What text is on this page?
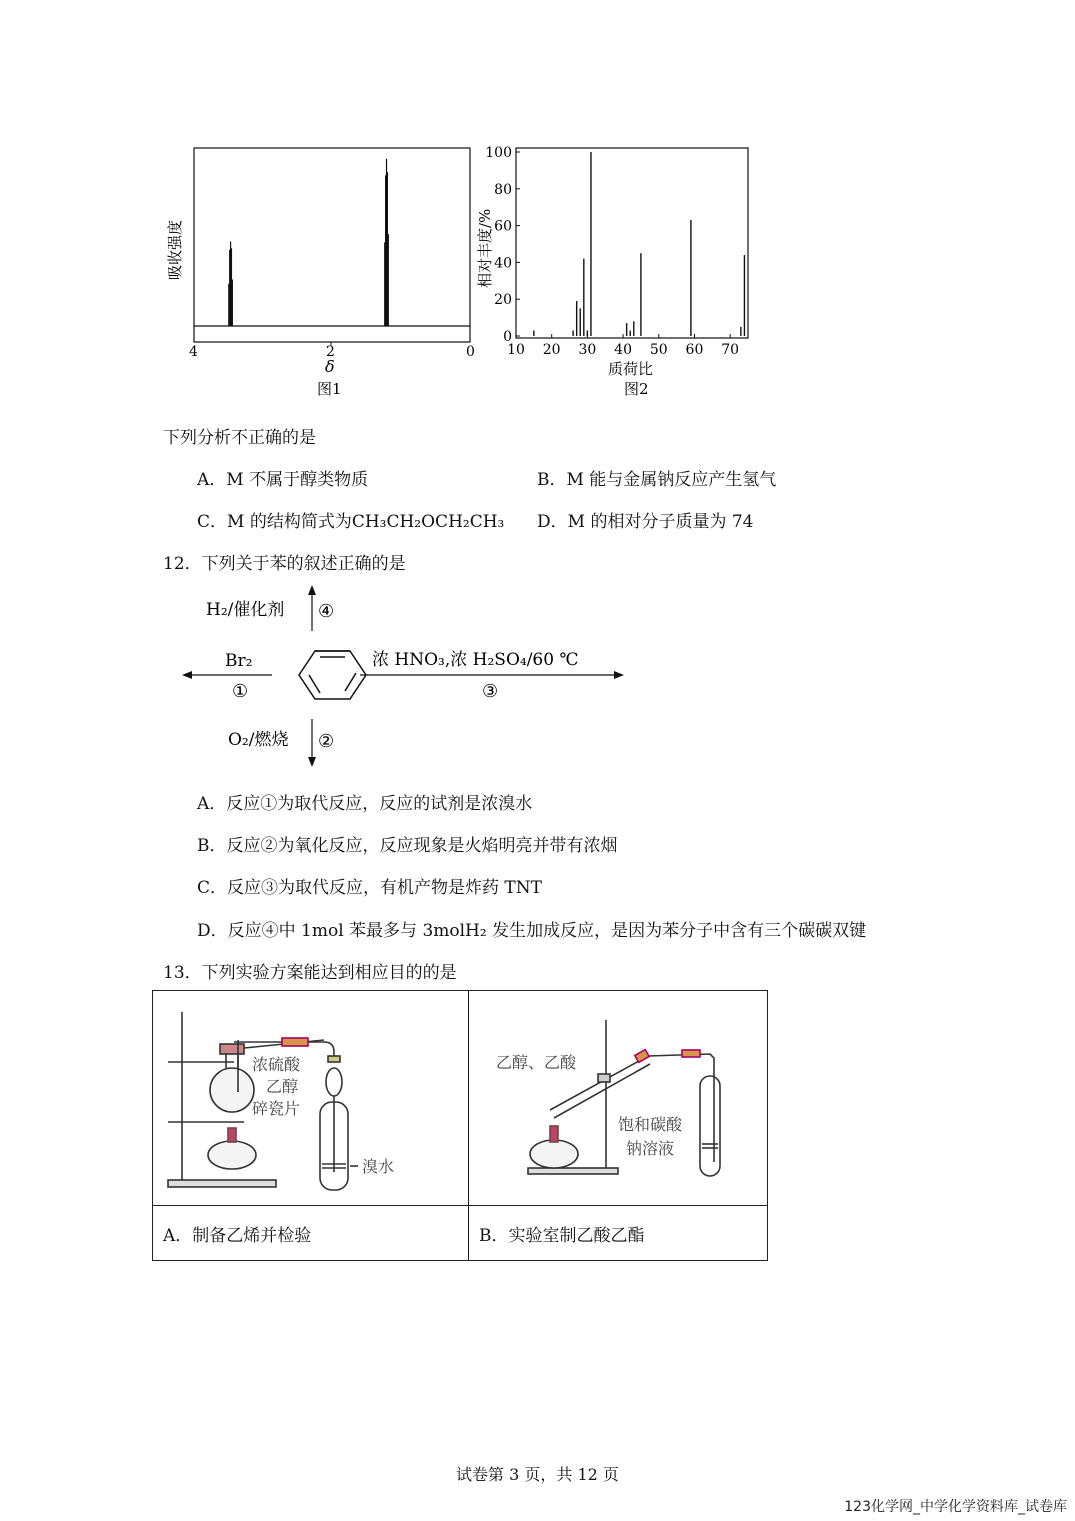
吸收强度
4	2	0
δ
图1
100
80
60
40
20
0
10 20 30 40 50 60 70
相对丰度/%
质荷比
图2
下列分析不正确的是
A．M 不属于醇类物质	B．M 能与金属钠反应产生氢气
C．M 的结构简式为CH₃CH₂OCH₂CH₃ D．M 的相对分子质量为 74
12．下列关于苯的叙述正确的是
H₂/催化剂 ④
Br₂
①
浓 HNO₃,浓 H₂SO₄/60 ℃
③
O₂/燃烧 ②
A．反应①为取代反应，反应的试剂是浓溴水
B．反应②为氧化反应，反应现象是火焰明亮并带有浓烟
C．反应③为取代反应，有机产物是炸药 TNT
D．反应④中 1mol 苯最多与 3molH₂ 发生加成反应，是因为苯分子中含有三个碳碳双键
13．下列实验方案能达到相应目的的是
浓硫酸
乙醇
碎瓷片
溴水	乙醇、乙酸
饱和碳酸
钠溶液

A．制备乙烯并检验	B．实验室制乙酸乙酯
试卷第 3 页，共 12 页
123化学网_中学化学资料库_试卷库
